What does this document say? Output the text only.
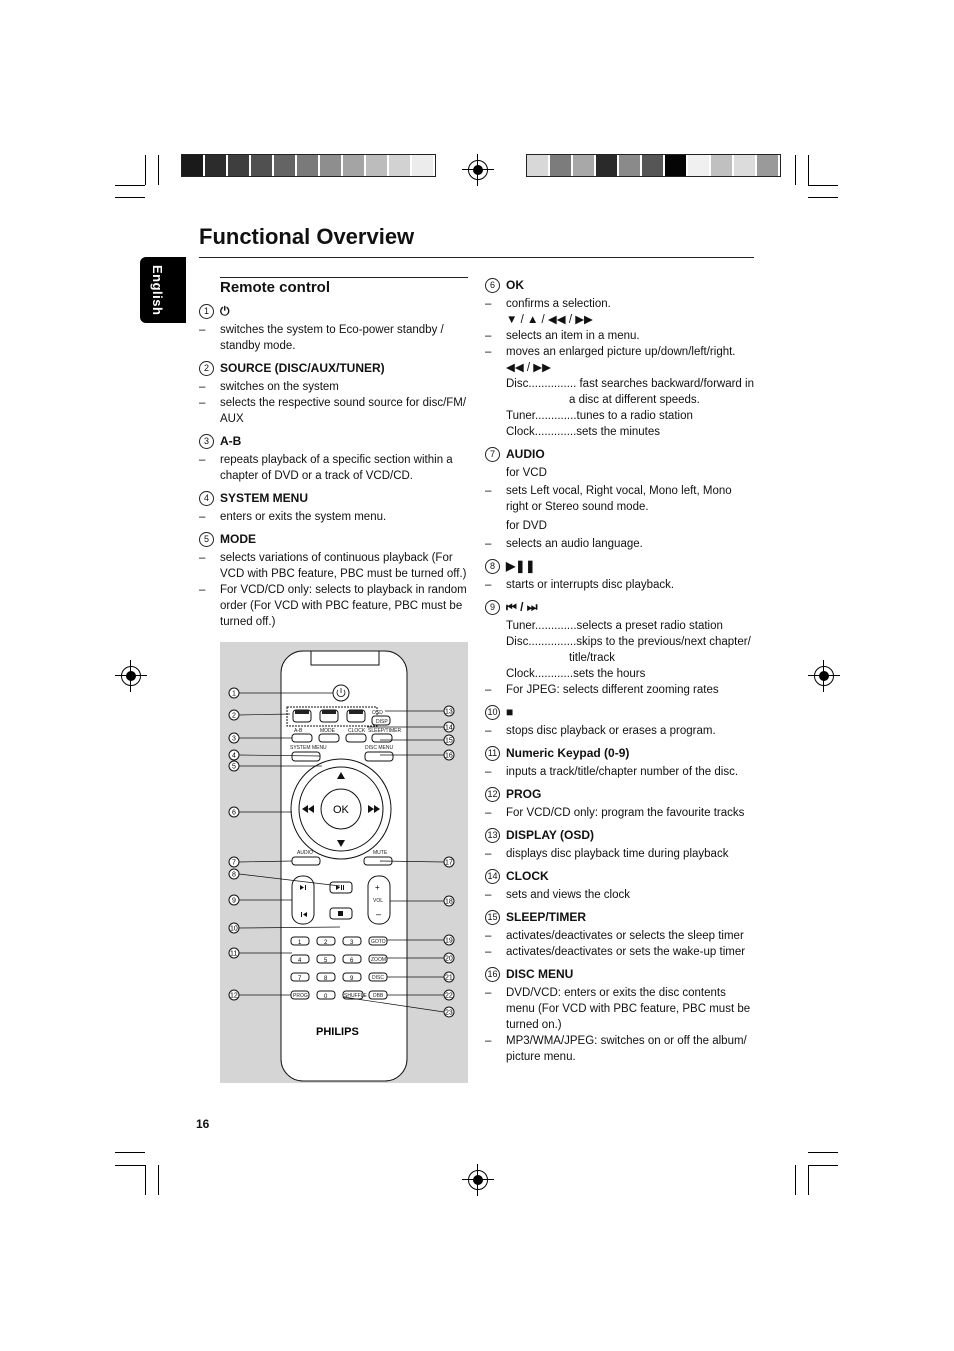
Functional Overview
English	Remote control
1 ⏻
– switches the system to Eco-power standby / standby mode.
2 SOURCE (DISC/AUX/TUNER)
– switches on the system
– selects the respective sound source for disc/FM/ AUX
3 A-B
– repeats playback of a specific section within a chapter of DVD or a track of VCD/CD.
4 SYSTEM MENU
– enters or exits the system menu.
5 MODE
– selects variations of continuous playback (For VCD with PBC feature, PBC must be turned off.)
– For VCD/CD only: selects to playback in random order (For VCD with PBC feature, PBC must be turned off.)
6 OK
– confirms a selection.
▼ / ▲ / ◀◀ / ▶▶
– selects an item in a menu.
– moves an enlarged picture up/down/left/right.
◀◀ / ▶▶
Disc............... fast searches backward/forward in
a disc at different speeds.
Tuner.............tunes to a radio station
Clock.............sets the minutes
7 AUDIO
for VCD
– sets Left vocal, Right vocal, Mono left, Mono right or Stereo sound mode.
for DVD
– selects an audio language.
8 ▶❚❚
– starts or interrupts disc playback.
9 ⏮ / ⏭
Tuner.............selects a preset radio station
Disc...............skips to the previous/next chapter/
title/track
Clock............sets the hours
– For JPEG: selects different zooming rates
10 ■
– stops disc playback or erases a program.
11 Numeric Keypad (0-9)
– inputs a track/title/chapter number of the disc.
12 PROG
– For VCD/CD only: program the favourite tracks
13 DISPLAY (OSD)
– displays disc playback time during playback
14 CLOCK
– sets and views the clock
15 SLEEP/TIMER
– activates/deactivates or selects the sleep timer
– activates/deactivates or sets the wake-up timer
16 DISC MENU
– DVD/VCD: enters or exits the disc contents menu (For VCD with PBC feature, PBC must be turned on.)
– MP3/WMA/JPEG: switches on or off the album/ picture menu.
OSD
DISP
A-B	MODE	CLOCK SLEEP/TIMER
SYSTEM MENU	DISC MENU
OK
AUDIO	MUTE
+
VOL
–
1	2	3
4	5	6
7	8	9
0
GOTO
ZOOM
DISC
PROG	SHUFFLE DBB
PHILIPS
1
2
3
4
5
6
7
8
9
10
11
12
13
14
15
16
17
18
19
20
21
22
23
16
